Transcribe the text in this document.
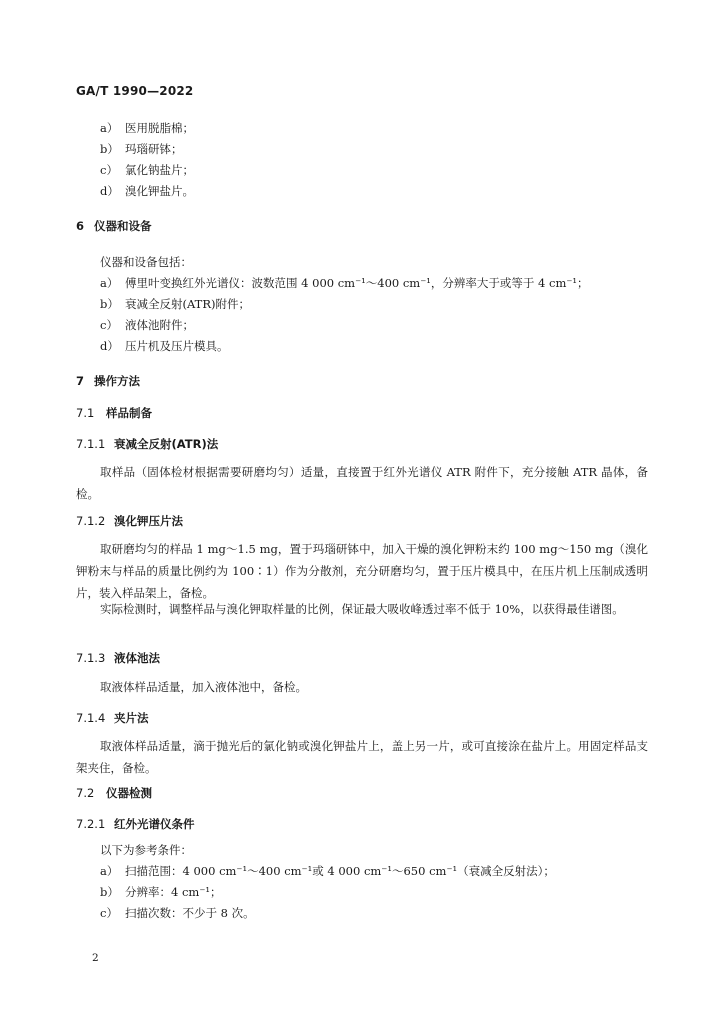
GA/T 1990—2022
a） 医用脱脂棉；
b） 玛瑙研钵；
c） 氯化钠盐片；
d） 溴化钾盐片。
6 仪器和设备
仪器和设备包括：
a） 傅里叶变换红外光谱仪：波数范围 4 000 cm⁻¹～400 cm⁻¹，分辨率大于或等于 4 cm⁻¹；
b） 衰减全反射(ATR)附件；
c） 液体池附件；
d） 压片机及压片模具。
7 操作方法
7.1 样品制备
7.1.1 衰减全反射(ATR)法
取样品（固体检材根据需要研磨均匀）适量，直接置于红外光谱仪 ATR 附件下，充分接触 ATR 晶体，备检。
7.1.2 溴化钾压片法
取研磨均匀的样品 1 mg～1.5 mg，置于玛瑙研钵中，加入干燥的溴化钾粉末约 100 mg～150 mg（溴化钾粉末与样品的质量比例约为 100∶1）作为分散剂，充分研磨均匀，置于压片模具中，在压片机上压制成透明片，装入样品架上，备检。
实际检测时，调整样品与溴化钾取样量的比例，保证最大吸收峰透过率不低于 10%，以获得最佳谱图。
7.1.3 液体池法
取液体样品适量，加入液体池中，备检。
7.1.4 夹片法
取液体样品适量，滴于抛光后的氯化钠或溴化钾盐片上，盖上另一片，或可直接涂在盐片上。用固定样品支架夹住，备检。
7.2 仪器检测
7.2.1 红外光谱仪条件
以下为参考条件：
a） 扫描范围：4 000 cm⁻¹～400 cm⁻¹或 4 000 cm⁻¹～650 cm⁻¹（衰减全反射法）；
b） 分辨率：4 cm⁻¹；
c） 扫描次数：不少于 8 次。
2
